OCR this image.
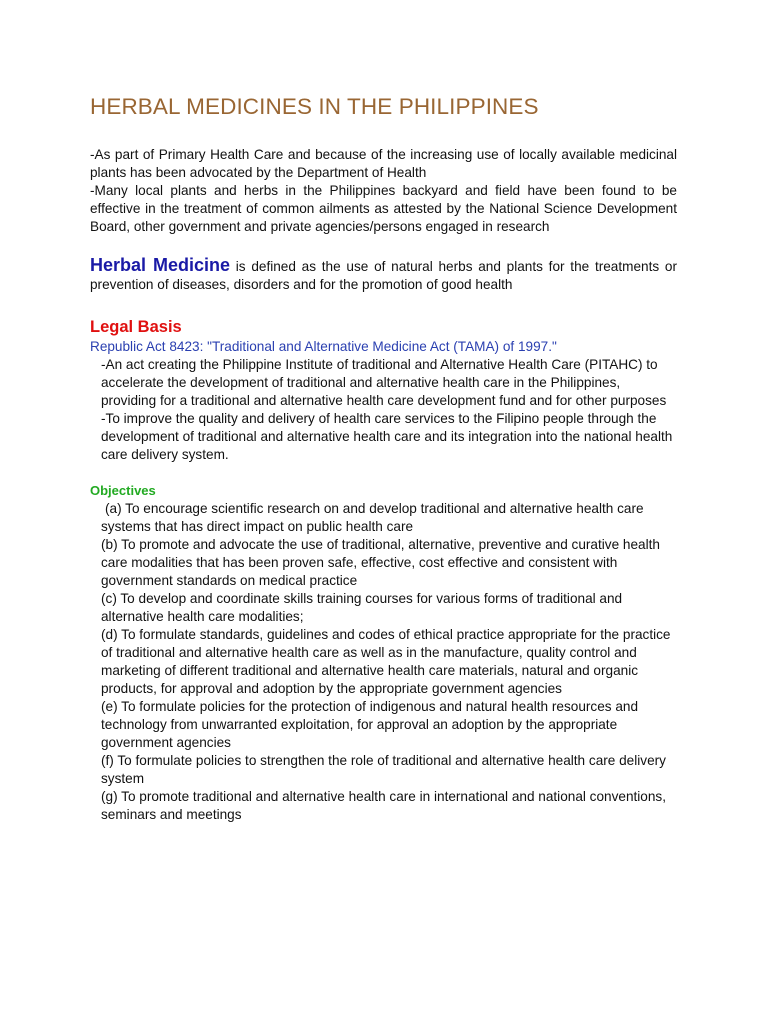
HERBAL MEDICINES IN THE PHILIPPINES

-As part of Primary Health Care and because of the increasing use of locally available medicinal plants has been advocated by the Department of Health

-Many local plants and herbs in the Philippines backyard and field have been found to be effective in the treatment of common ailments as attested by the National Science Development Board, other government and private agencies/persons engaged in research

Herbal Medicine is defined as the use of natural herbs and plants for the treatments or prevention of diseases, disorders and for the promotion of good health

Legal Basis

Republic Act 8423: "Traditional and Alternative Medicine Act (TAMA) of 1997."

-An act creating the Philippine Institute of traditional and Alternative Health Care (PITAHC) to accelerate the development of traditional and alternative health care in the Philippines, providing for a traditional and alternative health care development fund and for other purposes

-To improve the quality and delivery of health care services to the Filipino people through the development of traditional and alternative health care and its integration into the national health care delivery system.

Objectives

(a) To encourage scientific research on and develop traditional and alternative health care systems that has direct impact on public health care

(b) To promote and advocate the use of traditional, alternative, preventive and curative health care modalities that has been proven safe, effective, cost effective and consistent with government standards on medical practice

(c) To develop and coordinate skills training courses for various forms of traditional and alternative health care modalities;

(d) To formulate standards, guidelines and codes of ethical practice appropriate for the practice of traditional and alternative health care as well as in the manufacture, quality control and marketing of different traditional and alternative health care materials, natural and organic products, for approval and adoption by the appropriate government agencies

(e) To formulate policies for the protection of indigenous and natural health resources and technology from unwarranted exploitation, for approval an adoption by the appropriate government agencies

(f) To formulate policies to strengthen the role of traditional and alternative health care delivery system

(g) To promote traditional and alternative health care in international and national conventions, seminars and meetings
